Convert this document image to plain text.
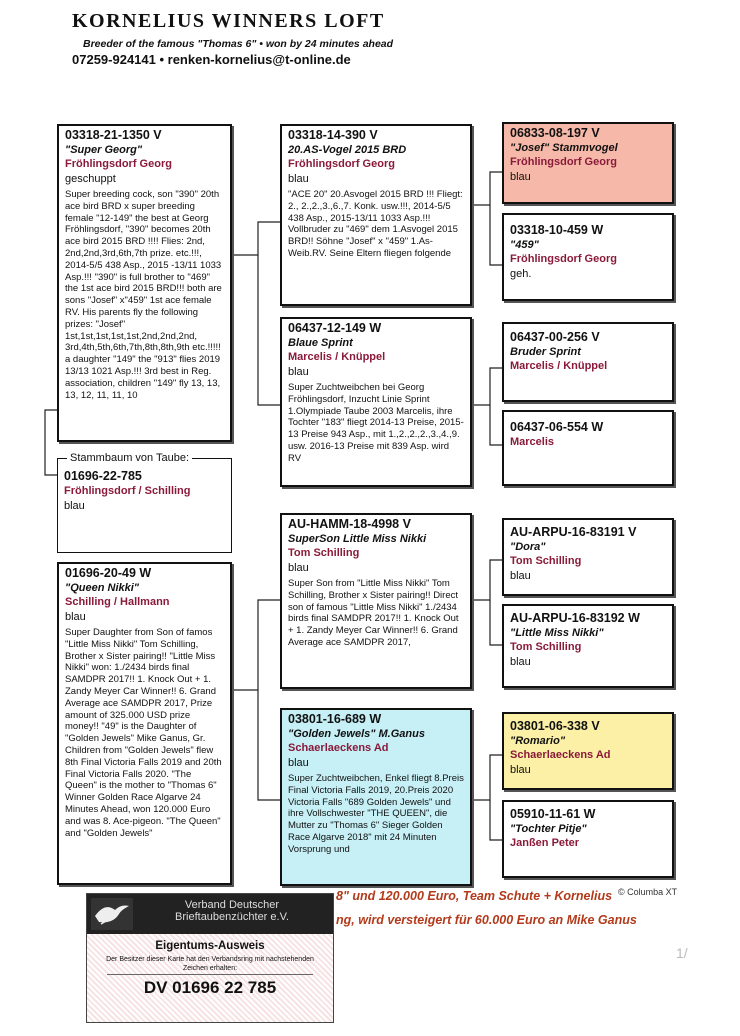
KORNELIUS WINNERS LOFT
Breeder of the famous "Thomas 6" • won by 24 minutes ahead
07259-924141 • renken-kornelius@t-online.de
03318-21-1350 V
"Super Georg"
Fröhlingsdorf Georg
geschuppt
Super breeding cock, son "390" 20th ace bird BRD x super breeding female "12-149" the best at Georg Fröhlingsdorf, "390" becomes 20th ace bird 2015 BRD !!!! Flies: 2nd, 2nd,2nd,3rd,6th,7th prize. etc.!!!, 2014-5/5 438 Asp., 2015 -13/11 1033 Asp.!!! "390" is full brother to "469" the 1st ace bird 2015 BRD!!! both are sons "Josef" x"459" 1st ace female RV. His parents fly the following prizes: "Josef" 1st,1st,1st,1st,1st,2nd,2nd,2nd, 3rd,4th,5th,6th,7th,8th,8th,9th etc.!!!!! a daughter "149" the "913" flies 2019 13/13 1021 Asp.!!! 3rd best in Reg. association, children "149" fly 13, 13, 13, 12, 11, 11, 10
Stammbaum von Taube:
01696-22-785
Fröhlingsdorf / Schilling
blau
01696-20-49 W
"Queen Nikki"
Schilling / Hallmann
blau
Super Daughter from Son of famos "Little Miss Nikki" Tom Schilling, Brother x Sister pairing!! "Little Miss Nikki" won: 1./2434 birds final SAMDPR 2017!! 1. Knock Out + 1. Zandy Meyer Car Winner!! 6. Grand Average ace SAMDPR 2017, Prize amount of 325.000 USD prize money!! "49" is the Daughter of "Golden Jewels" Mike Ganus, Gr. Children from "Golden Jewels" flew 8th Final Victoria Falls 2019 and 20th Final Victoria Falls 2020. "The Queen" is the mother to "Thomas 6" Winner Golden Race Algarve 24 Minutes Ahead, won 120.000 Euro and was 8. Ace-pigeon. "The Queen" and "Golden Jewels"
03318-14-390 V
20.AS-Vogel 2015 BRD
Fröhlingsdorf Georg
blau
"ACE 20" 20.Asvogel 2015 BRD !!! Fliegt: 2., 2.,2.,3.,6.,7. Konk. usw.!!!, 2014-5/5 438 Asp., 2015-13/11 1033 Asp.!!! Vollbruder zu "469" dem 1.Asvogel 2015 BRD!! Söhne "Josef" x "459" 1.As-Weib.RV. Seine Eltern fliegen folgende
06437-12-149 W
Blaue Sprint
Marcelis / Knüppel
blau
Super Zuchtweibchen bei Georg Fröhlingsdorf, Inzucht Linie Sprint 1.Olympiade Taube 2003 Marcelis, ihre Tochter "183" fliegt 2014-13 Preise, 2015-13 Preise 943 Asp., mit 1.,2.,2.,2.,3.,4.,9. usw. 2016-13 Preise mit 839 Asp. wird RV
AU-HAMM-18-4998 V
SuperSon Little Miss Nikki
Tom Schilling
blau
Super Son from "Little Miss Nikki" Tom Schilling, Brother x Sister pairing!! Direct son of famous "Little Miss Nikki" 1./2434 birds final SAMDPR 2017!! 1. Knock Out + 1. Zandy Meyer Car Winner!! 6. Grand Average ace SAMDPR 2017,
03801-16-689 W
"Golden Jewels" M.Ganus
Schaerlaeckens Ad
blau
Super Zuchtweibchen, Enkel fliegt 8.Preis Final Victoria Falls 2019, 20.Preis 2020 Victoria Falls "689 Golden Jewels" und ihre Vollschwester "THE QUEEN", die Mutter zu "Thomas 6" Sieger Golden Race Algarve 2018" mit 24 Minuten Vorsprung und
06833-08-197 V
"Josef" Stammvogel
Fröhlingsdorf Georg
blau
03318-10-459 W
"459"
Fröhlingsdorf Georg
geh.
06437-00-256 V
Bruder Sprint
Marcelis / Knüppel
06437-06-554 W
Marcelis
AU-ARPU-16-83191 V
"Dora"
Tom Schilling
blau
AU-ARPU-16-83192 W
"Little Miss Nikki"
Tom Schilling
blau
03801-06-338 V
"Romario"
Schaerlaeckens Ad
blau
05910-11-61 W
"Tochter Pitje"
Janßen Peter
8" und 120.000 Euro, Team Schute + Kornelius
ng, wird versteigert für 60.000 Euro an Mike Ganus
© Columba XT
1/
Verband Deutscher Brieftaubenzüchter e.V.
Eigentums-Ausweis
Der Besitzer dieser Karte hat den Verbandsring mit nachstehenden Zeichen erhalten:
DV 01696 22 785
